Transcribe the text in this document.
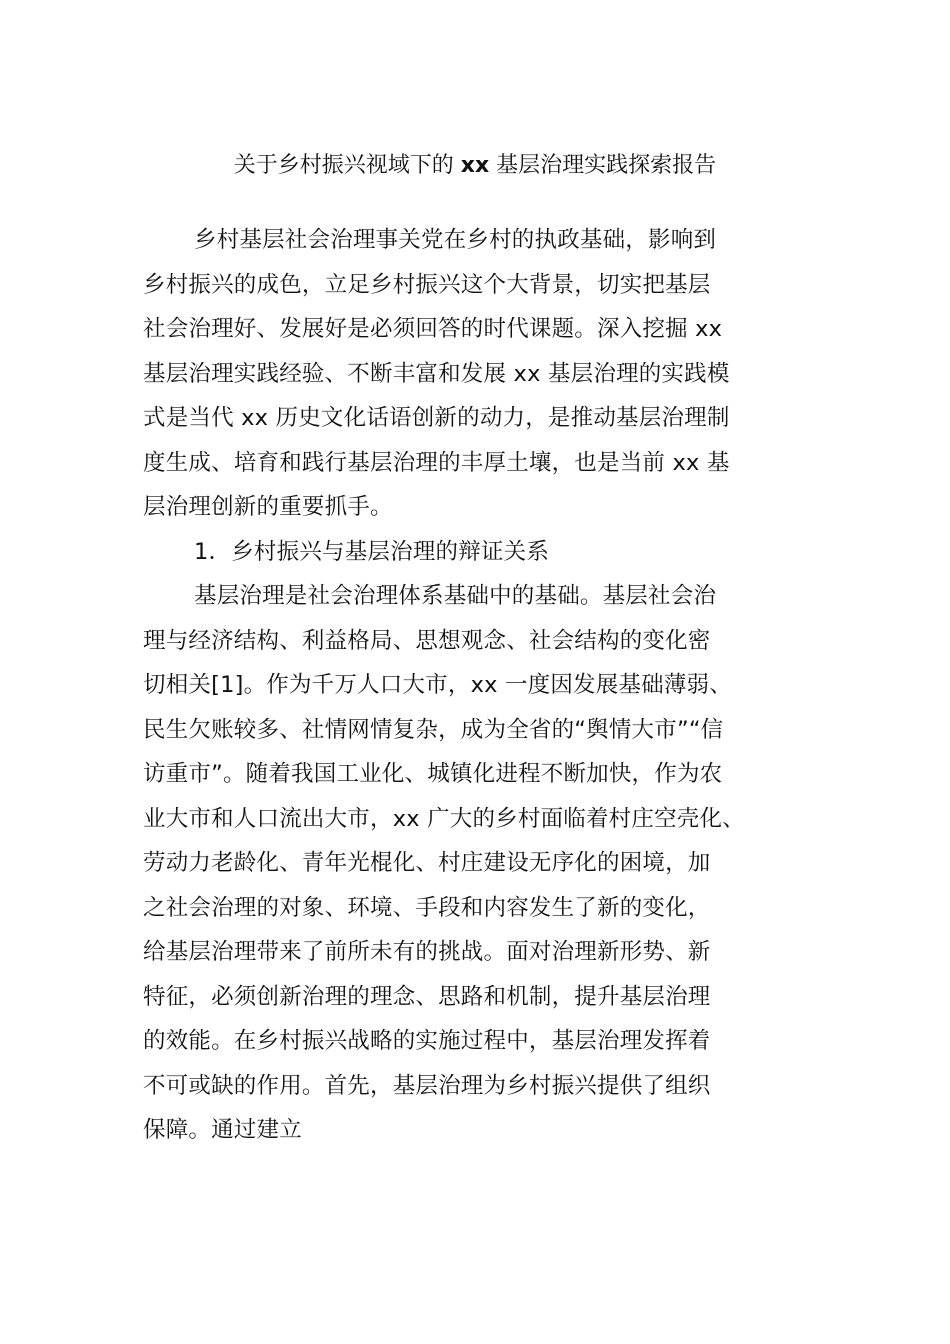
关于乡村振兴视域下的 xx 基层治理实践探索报告
乡村基层社会治理事关党在乡村的执政基础，影响到
乡村振兴的成色，立足乡村振兴这个大背景，切实把基层
社会治理好、发展好是必须回答的时代课题。深入挖掘 xx
基层治理实践经验、不断丰富和发展 xx 基层治理的实践模
式是当代 xx 历史文化话语创新的动力，是推动基层治理制
度生成、培育和践行基层治理的丰厚土壤，也是当前 xx 基
层治理创新的重要抓手。
1．乡村振兴与基层治理的辩证关系
基层治理是社会治理体系基础中的基础。基层社会治
理与经济结构、利益格局、思想观念、社会结构的变化密
切相关[1]。作为千万人口大市，xx 一度因发展基础薄弱、
民生欠账较多、社情网情复杂，成为全省的“舆情大市”“信
访重市”。随着我国工业化、城镇化进程不断加快，作为农
业大市和人口流出大市，xx 广大的乡村面临着村庄空壳化、
劳动力老龄化、青年光棍化、村庄建设无序化的困境，加
之社会治理的对象、环境、手段和内容发生了新的变化，
给基层治理带来了前所未有的挑战。面对治理新形势、新
特征，必须创新治理的理念、思路和机制，提升基层治理
的效能。在乡村振兴战略的实施过程中，基层治理发挥着
不可或缺的作用。首先，基层治理为乡村振兴提供了组织
保障。通过建立
